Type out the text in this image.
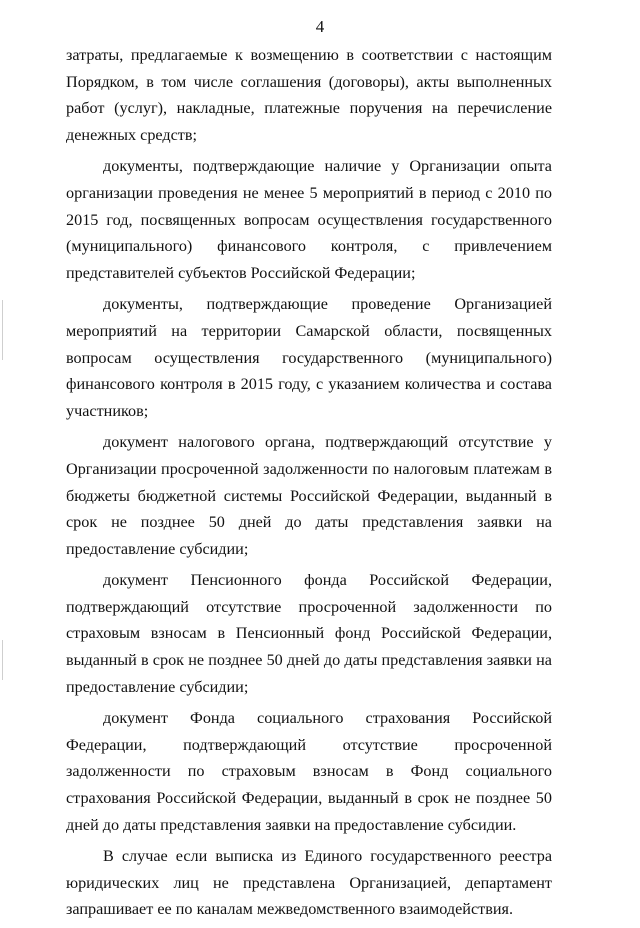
4

затраты, предлагаемые к возмещению в соответствии с настоящим Порядком, в том числе соглашения (договоры), акты выполненных работ (услуг), накладные, платежные поручения на перечисление денежных средств;

документы, подтверждающие наличие у Организации опыта организации проведения не менее 5 мероприятий в период с 2010 по 2015 год, посвященных вопросам осуществления государственного (муниципального) финансового контроля, с привлечением представителей субъектов Российской Федерации;

документы, подтверждающие проведение Организацией мероприятий на территории Самарской области, посвященных вопросам осуществления государственного (муниципального) финансового контроля в 2015 году, с указанием количества и состава участников;

документ налогового органа, подтверждающий отсутствие у Организации просроченной задолженности по налоговым платежам в бюджеты бюджетной системы Российской Федерации, выданный в срок не позднее 50 дней до даты представления заявки на предоставление субсидии;

документ Пенсионного фонда Российской Федерации, подтверждающий отсутствие просроченной задолженности по страховым взносам в Пенсионный фонд Российской Федерации, выданный в срок не позднее 50 дней до даты представления заявки на предоставление субсидии;

документ Фонда социального страхования Российской Федерации, подтверждающий отсутствие просроченной задолженности по страховым взносам в Фонд социального страхования Российской Федерации, выданный в срок не позднее 50 дней до даты представления заявки на предоставление субсидии.

В случае если выписка из Единого государственного реестра юридических лиц не представлена Организацией, департамент запрашивает ее по каналам межведомственного взаимодействия.
